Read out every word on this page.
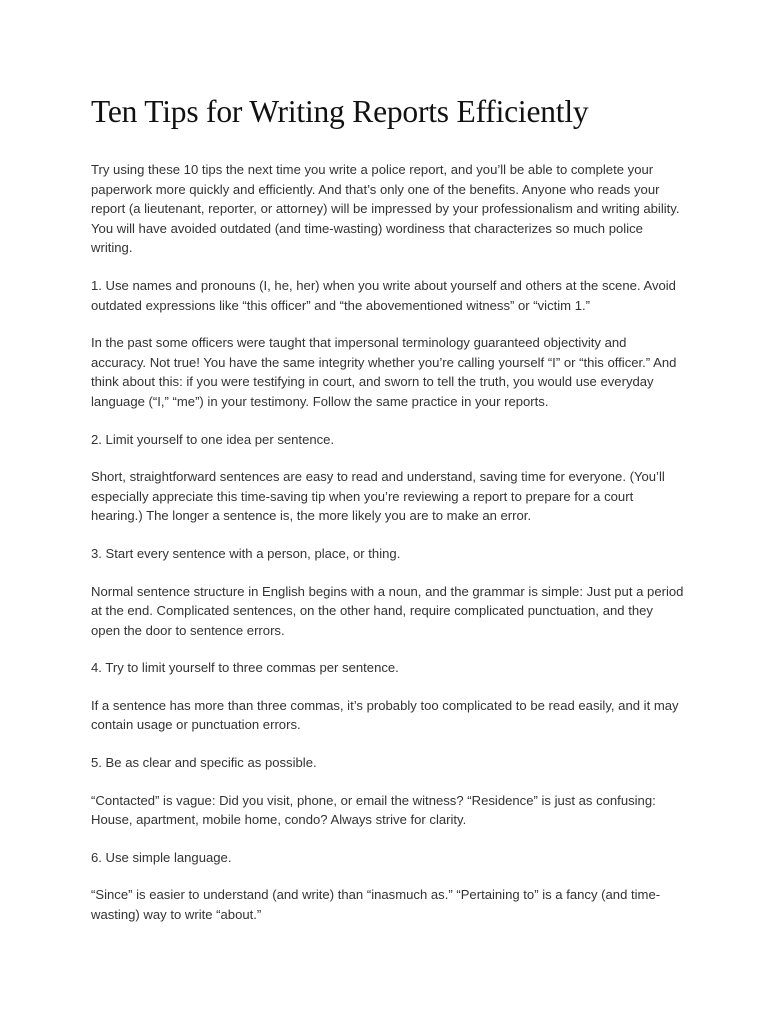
Ten Tips for Writing Reports Efficiently

Try using these 10 tips the next time you write a police report, and you’ll be able to complete your paperwork more quickly and efficiently. And that’s only one of the benefits. Anyone who reads your report (a lieutenant, reporter, or attorney) will be impressed by your professionalism and writing ability. You will have avoided outdated (and time-wasting) wordiness that characterizes so much police writing.

1. Use names and pronouns (I, he, her) when you write about yourself and others at the scene. Avoid outdated expressions like “this officer” and “the abovementioned witness” or “victim 1.”

In the past some officers were taught that impersonal terminology guaranteed objectivity and accuracy. Not true! You have the same integrity whether you’re calling yourself “I” or “this officer.” And think about this: if you were testifying in court, and sworn to tell the truth, you would use everyday language (“I,” “me”) in your testimony. Follow the same practice in your reports.

2. Limit yourself to one idea per sentence.

Short, straightforward sentences are easy to read and understand, saving time for everyone. (You’ll especially appreciate this time-saving tip when you’re reviewing a report to prepare for a court hearing.) The longer a sentence is, the more likely you are to make an error.

3. Start every sentence with a person, place, or thing.

Normal sentence structure in English begins with a noun, and the grammar is simple: Just put a period at the end. Complicated sentences, on the other hand, require complicated punctuation, and they open the door to sentence errors.

4. Try to limit yourself to three commas per sentence.

If a sentence has more than three commas, it’s probably too complicated to be read easily, and it may contain usage or punctuation errors.

5. Be as clear and specific as possible.

“Contacted” is vague: Did you visit, phone, or email the witness? “Residence” is just as confusing: House, apartment, mobile home, condo? Always strive for clarity.

6. Use simple language.

“Since” is easier to understand (and write) than “inasmuch as.” “Pertaining to” is a fancy (and time-wasting) way to write “about.”
